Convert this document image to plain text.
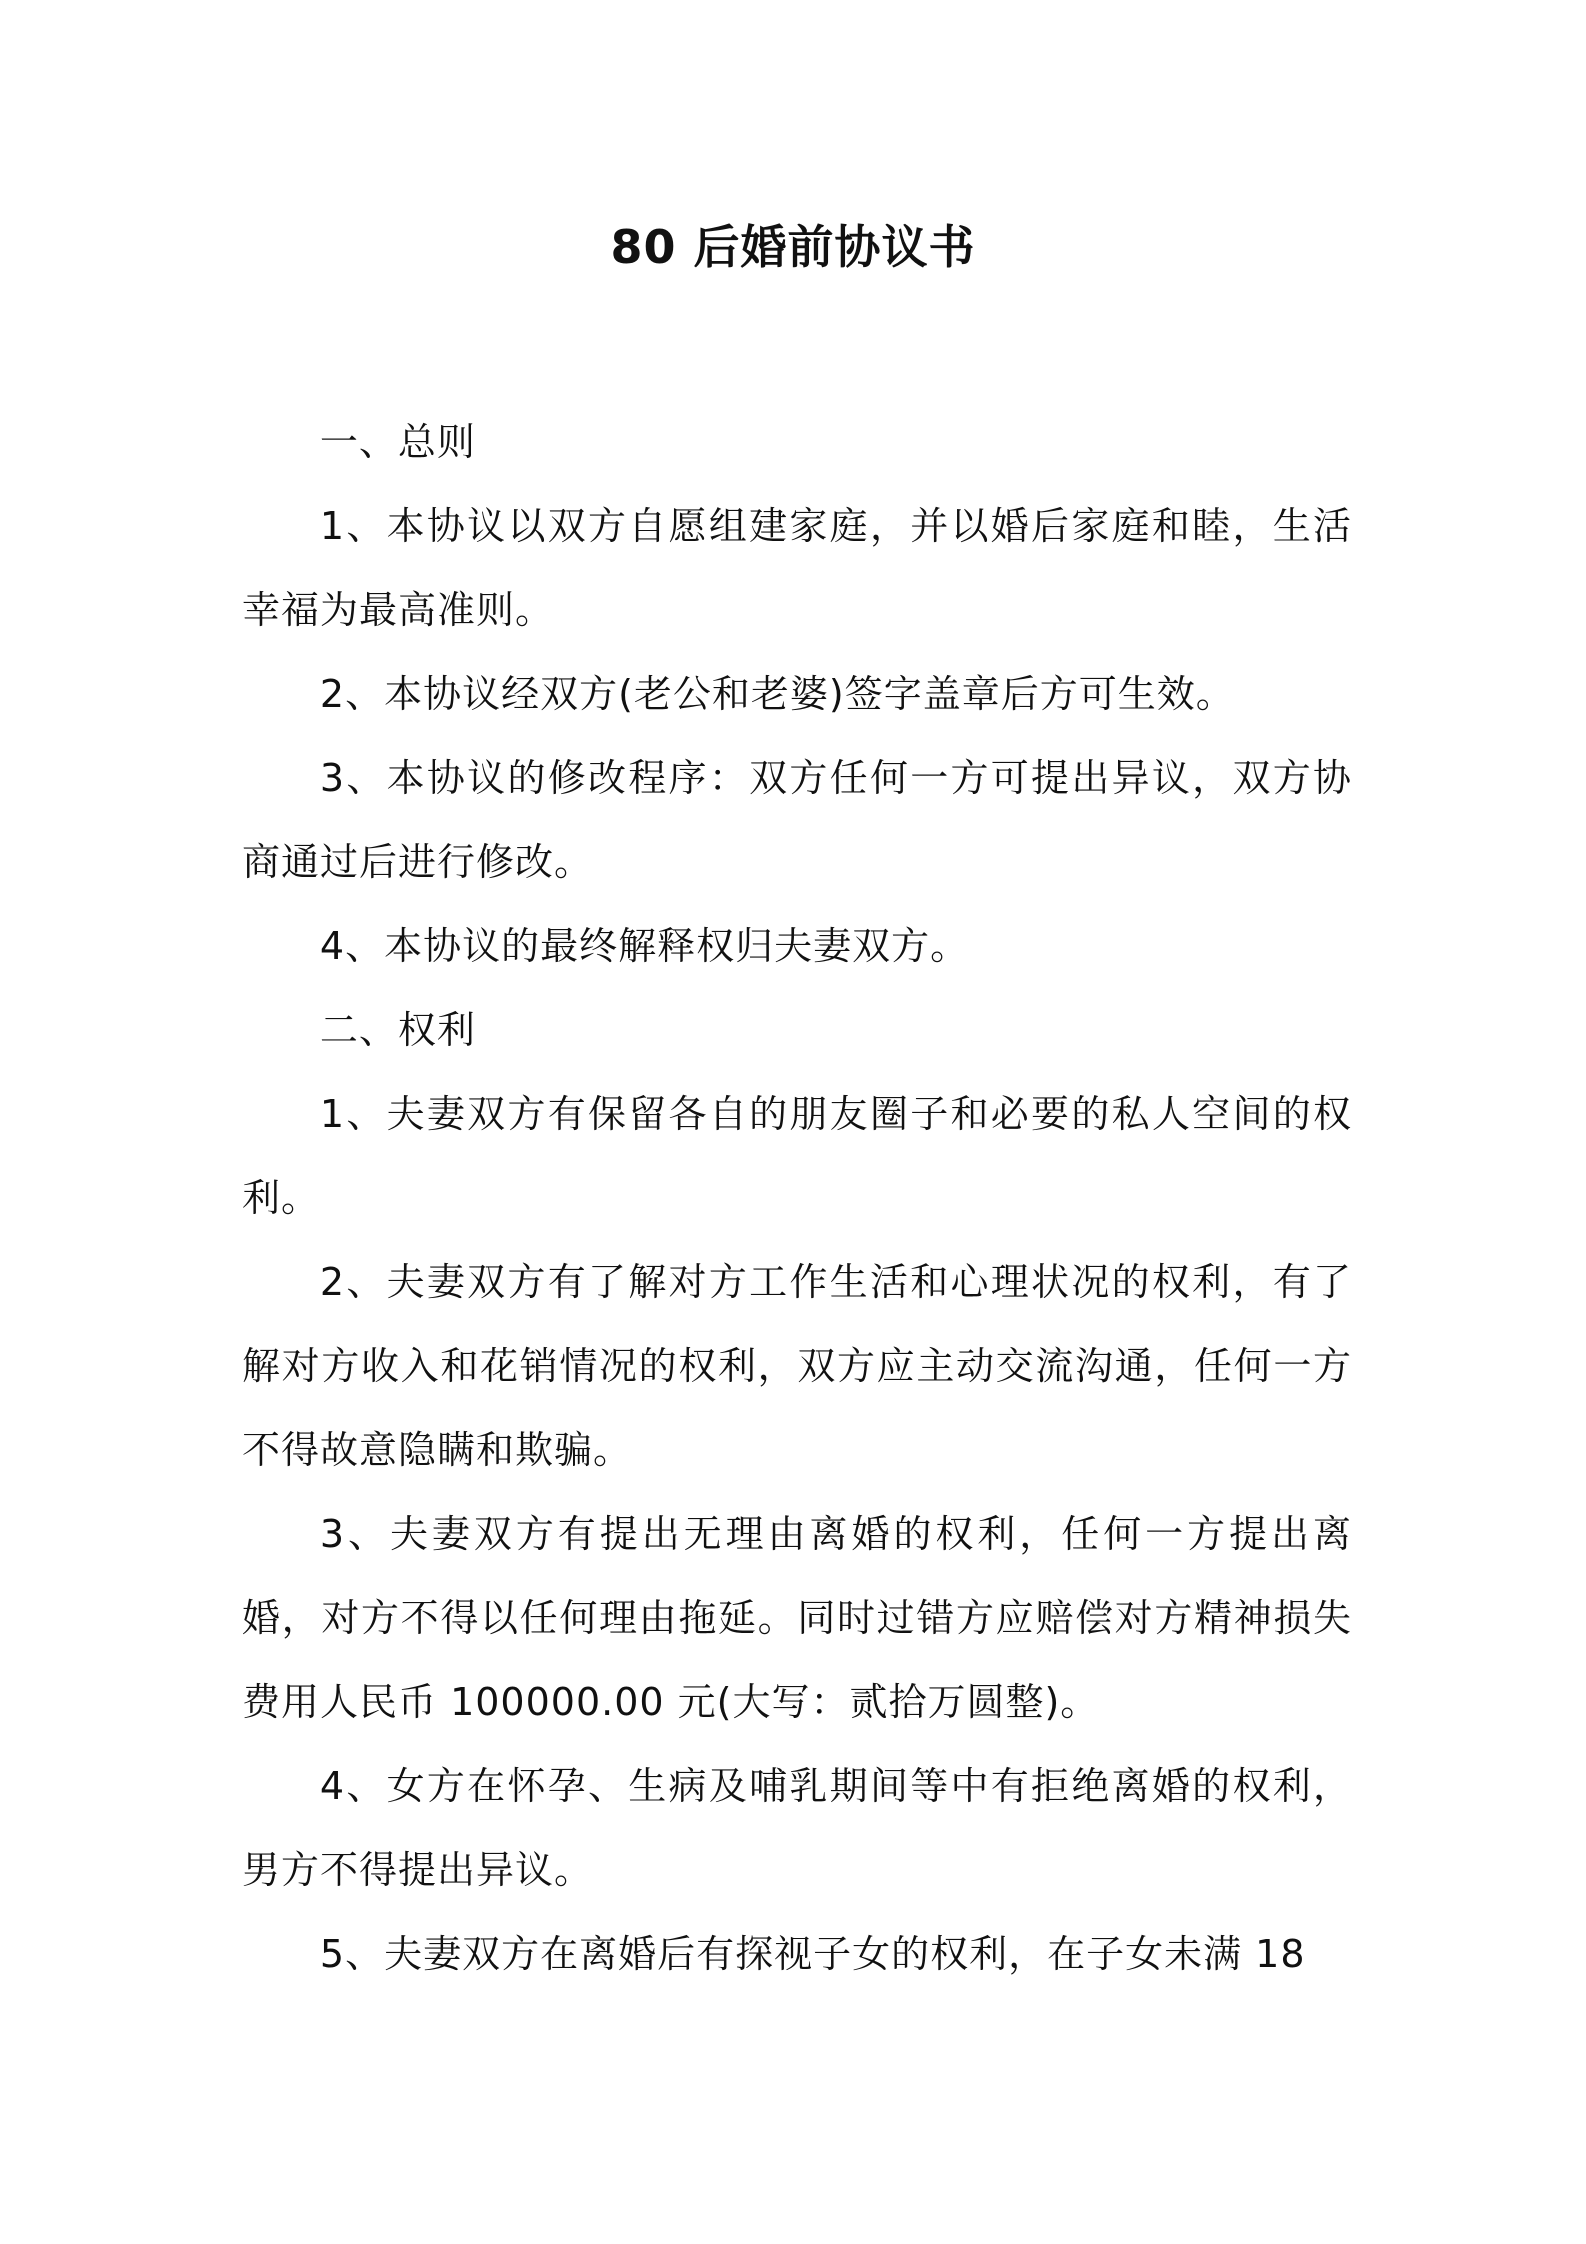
80 后婚前协议书

一、总则

1、本协议以双方自愿组建家庭，并以婚后家庭和睦，生活幸福为最高准则。

2、本协议经双方(老公和老婆)签字盖章后方可生效。

3、本协议的修改程序：双方任何一方可提出异议，双方协商通过后进行修改。

4、本协议的最终解释权归夫妻双方。

二、权利

1、夫妻双方有保留各自的朋友圈子和必要的私人空间的权利。

2、夫妻双方有了解对方工作生活和心理状况的权利，有了解对方收入和花销情况的权利，双方应主动交流沟通，任何一方不得故意隐瞒和欺骗。

3、夫妻双方有提出无理由离婚的权利，任何一方提出离婚，对方不得以任何理由拖延。同时过错方应赔偿对方精神损失费用人民币 100000.00 元(大写：贰拾万圆整)。

4、女方在怀孕、生病及哺乳期间等中有拒绝离婚的权利，男方不得提出异议。

5、夫妻双方在离婚后有探视子女的权利，在子女未满 18
